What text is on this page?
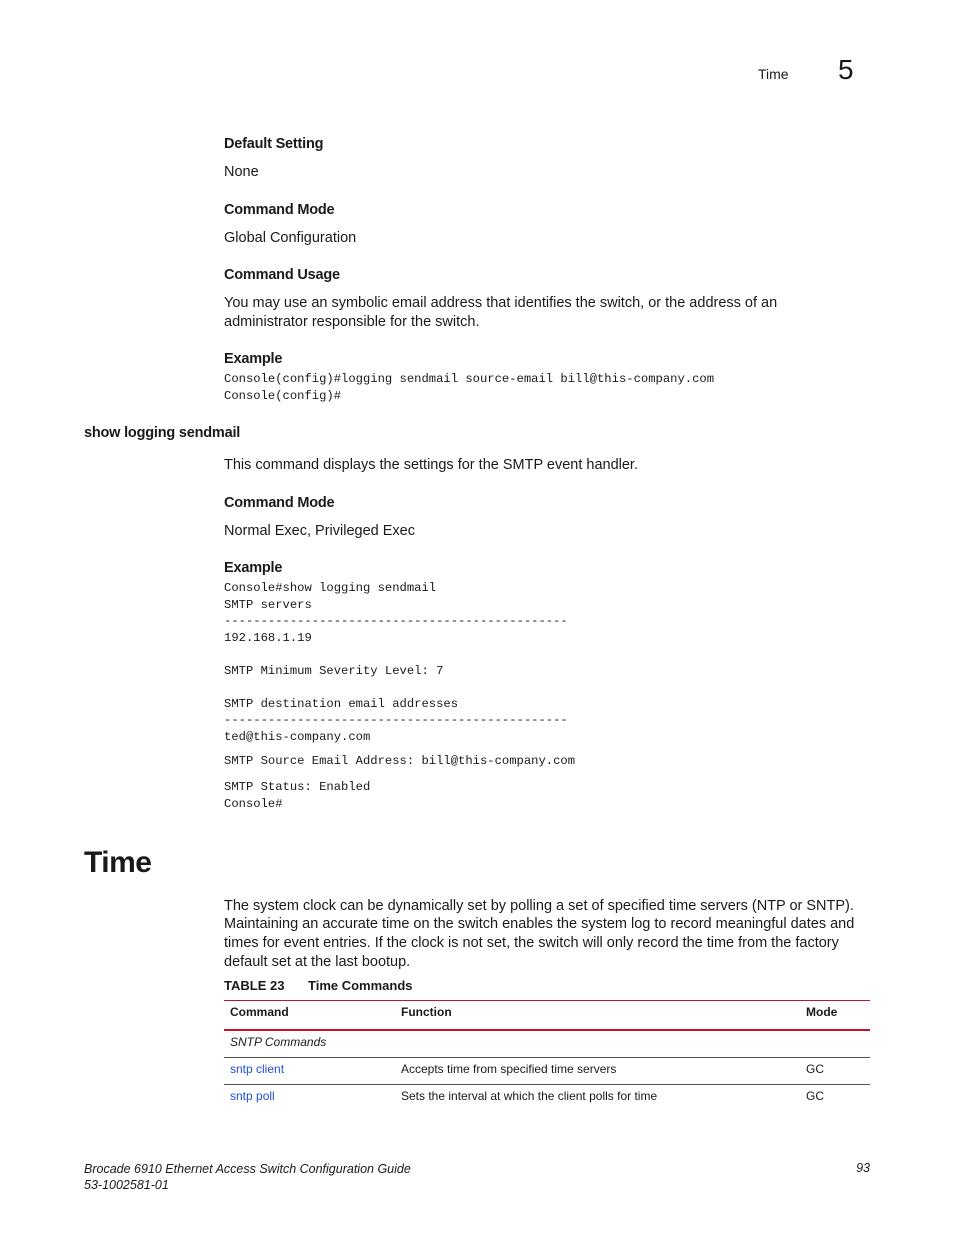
Time 5
Default Setting
None
Command Mode
Global Configuration
Command Usage
You may use an symbolic email address that identifies the switch, or the address of an
administrator responsible for the switch.
Example
Console(config)#logging sendmail source-email bill@this-company.com
Console(config)#
show logging sendmail
This command displays the settings for the SMTP event handler.
Command Mode
Normal Exec, Privileged Exec
Example
Console#show logging sendmail
SMTP servers
-----------------------------------------------
192.168.1.19

SMTP Minimum Severity Level: 7

SMTP destination email addresses
-----------------------------------------------
ted@this-company.com
SMTP Source Email Address: bill@this-company.com
SMTP Status: Enabled
Console#
Time
The system clock can be dynamically set by polling a set of specified time servers (NTP or SNTP).
Maintaining an accurate time on the switch enables the system log to record meaningful dates and
times for event entries. If the clock is not set, the switch will only record the time from the factory
default set at the last bootup.
TABLE 23 Time Commands
Command	Function	Mode
SNTP Commands		
sntp client	Accepts time from specified time servers	GC
sntp poll	Sets the interval at which the client polls for time	GC
Brocade 6910 Ethernet Access Switch Configuration Guide
53-1002581-01
93
